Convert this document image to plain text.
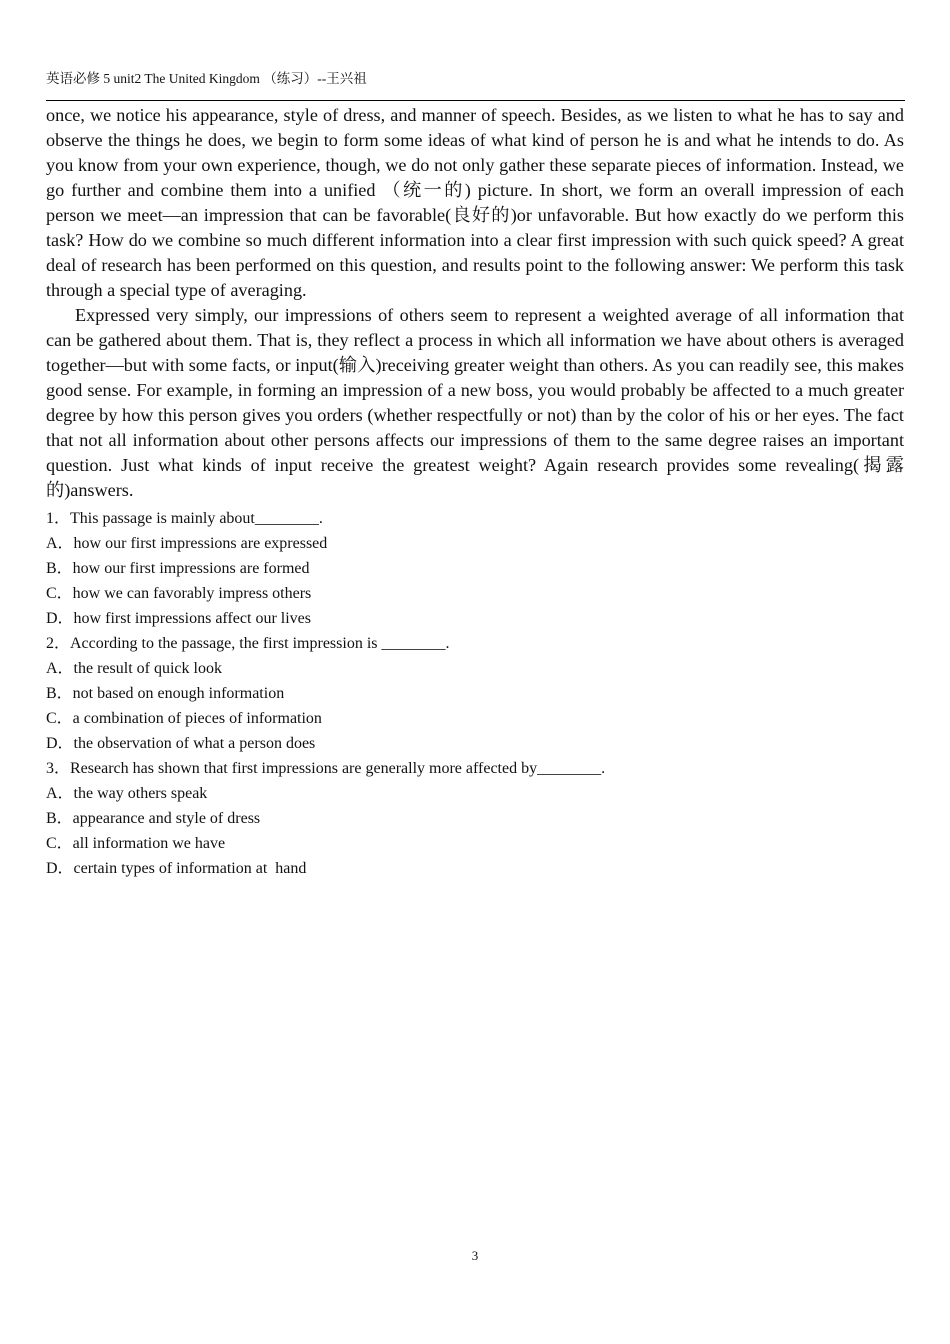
英语必修 5 unit2 The United Kingdom （练习）--王兴祖

once, we notice his appearance, style of dress, and manner of speech. Besides, as we listen to what he has to say and observe the things he does, we begin to form some ideas of what kind of person he is and what he intends to do. As you know from your own experience, though, we do not only gather these separate pieces of information. Instead, we go further and combine them into a unified （统一的) picture. In short, we form an overall impression of each person we meet—an impression that can be favorable(良好的)or unfavorable. But how exactly do we perform this task? How do we combine so much different information into a clear first impression with such quick speed? A great deal of research has been performed on this question, and results point to the following answer: We perform this task through a special type of averaging.

Expressed very simply, our impressions of others seem to represent a weighted average of all information that can be gathered about them. That is, they reflect a process in which all information we have about others is averaged together—but with some facts, or input(输入)receiving greater weight than others. As you can readily see, this makes good sense. For example, in forming an impression of a new boss, you would probably be affected to a much greater degree by how this person gives you orders (whether respectfully or not) than by the color of his or her eyes. The fact that not all information about other persons affects our impressions of them to the same degree raises an important question. Just what kinds of input receive the greatest weight? Again research provides some revealing(揭露的)answers.

1．This passage is mainly about________.
A．how our first impressions are expressed
B．how our first impressions are formed
C．how we can favorably impress others
D．how first impressions affect our lives
2．According to the passage, the first impression is ________.
A．the result of quick look
B．not based on enough information
C．a combination of pieces of information
D．the observation of what a person does
3．Research has shown that first impressions are generally more affected by________.
A．the way others speak
B．appearance and style of dress
C．all information we have
D．certain types of information at  hand
3
